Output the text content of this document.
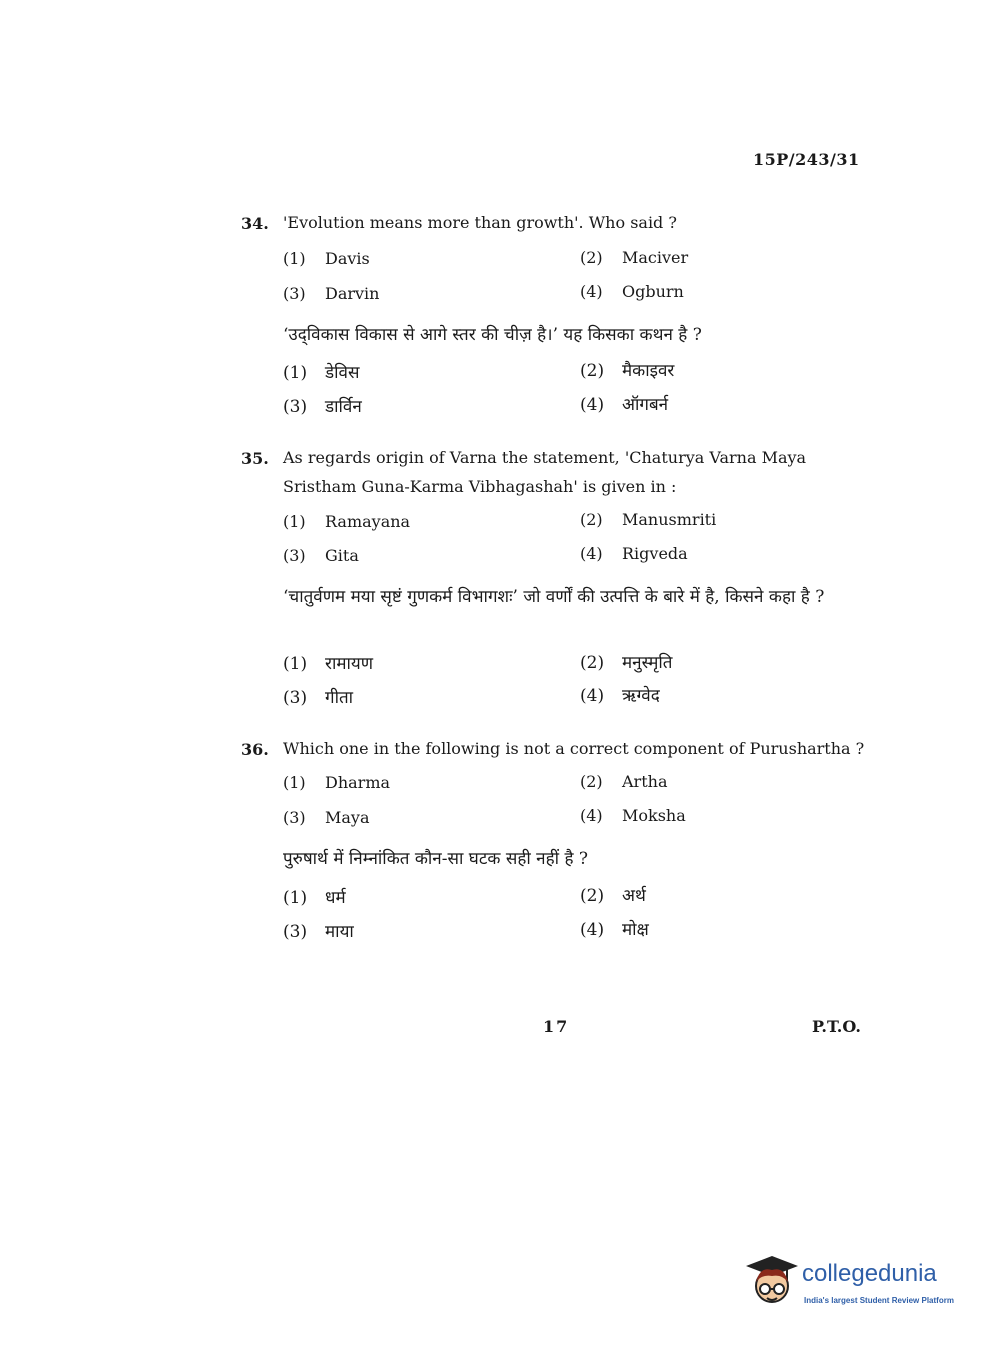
15P/243/31
34. 'Evolution means more than growth'. Who said ?
(1) Davis	(2) Maciver
(3) Darvin	(4) Ogburn
‘उद्‌विकास विकास से आगे स्तर की चीज़ है।’ यह किसका कथन है ?
(1) डेविस	(2) मैकाइवर
(3) डार्विन	(4) ऑगबर्न
35. As regards origin of Varna the statement, 'Chaturya Varna Maya Sristham Guna-Karma Vibhagashah' is given in :
(1) Ramayana	(2) Manusmriti
(3) Gita	(4) Rigveda
‘चातुर्वणम मया सृष्टं गुणकर्म विभागशः’ जो वर्णों की उत्पत्ति के बारे में है, किसने कहा है ?
(1) रामायण	(2) मनुस्मृति
(3) गीता	(4) ऋग्वेद
36. Which one in the following is not a correct component of Purushartha ?
(1) Dharma	(2) Artha
(3) Maya	(4) Moksha
पुरुषार्थ में निम्नांकित कौन-सा घटक सही नहीं है ?
(1) धर्म	(2) अर्थ
(3) माया	(4) मोक्ष
17	P.T.O.
collegedunia
India's largest Student Review Platform
